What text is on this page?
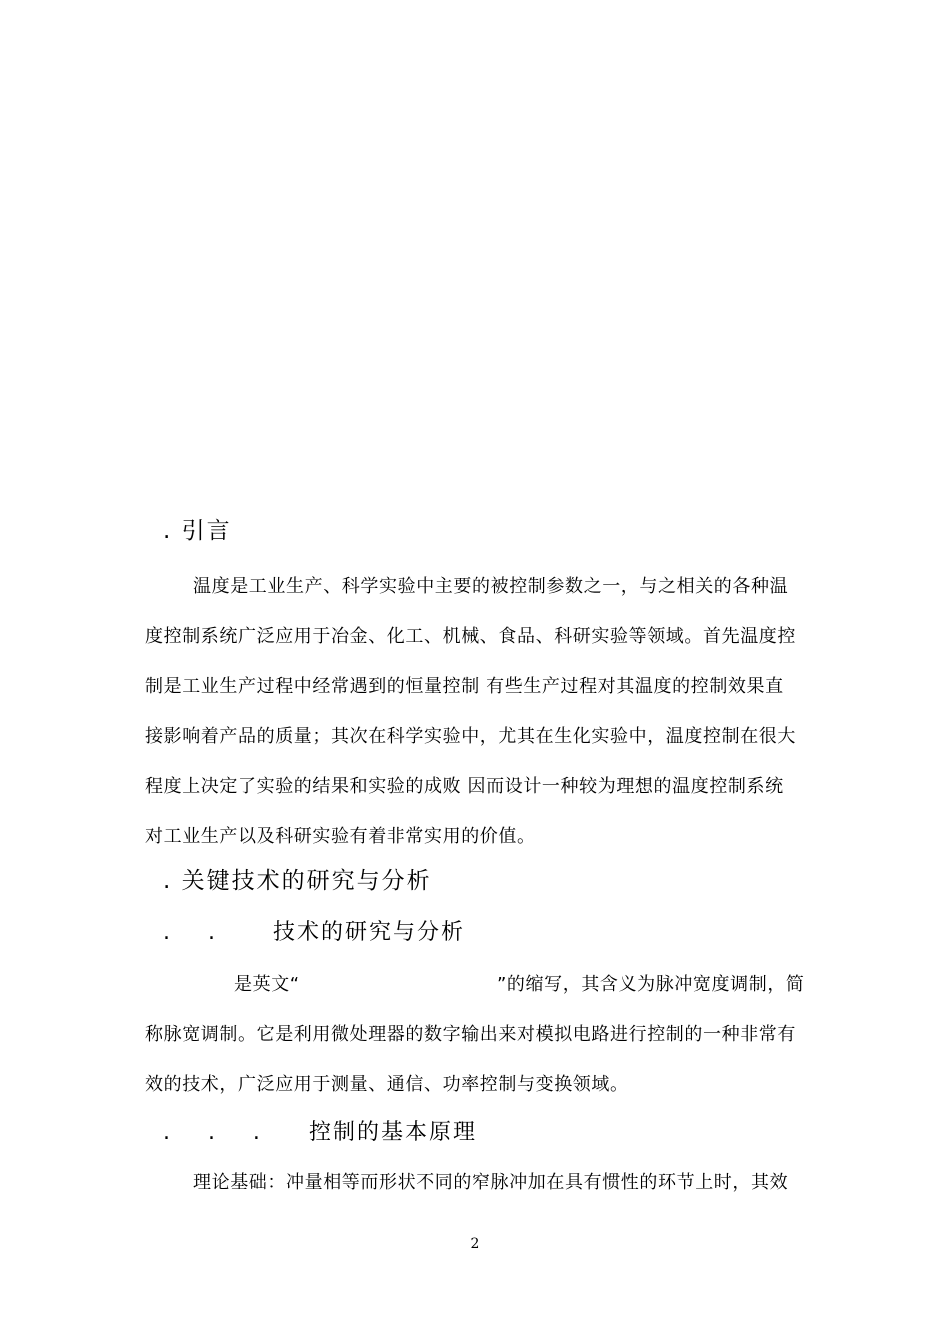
. 引言
温度是工业生产、科学实验中主要的被控制参数之一，与之相关的各种温
度控制系统广泛应用于冶金、化工、机械、食品、科研实验等领域。首先温度控
制是工业生产过程中经常遇到的恒量控制 有些生产过程对其温度的控制效果直
接影响着产品的质量；其次在科学实验中，尤其在生化实验中，温度控制在很大
程度上决定了实验的结果和实验的成败 因而设计一种较为理想的温度控制系统
对工业生产以及科研实验有着非常实用的价值。
. 关键技术的研究与分析
.    .	技术的研究与分析
是英文“	”的缩写，其含义为脉冲宽度调制，简
称脉宽调制。它是利用微处理器的数字输出来对模拟电路进行控制的一种非常有
效的技术，广泛应用于测量、通信、功率控制与变换领域。
.    .    . 控制的基本原理
理论基础：冲量相等而形状不同的窄脉冲加在具有惯性的环节上时，其效
2
